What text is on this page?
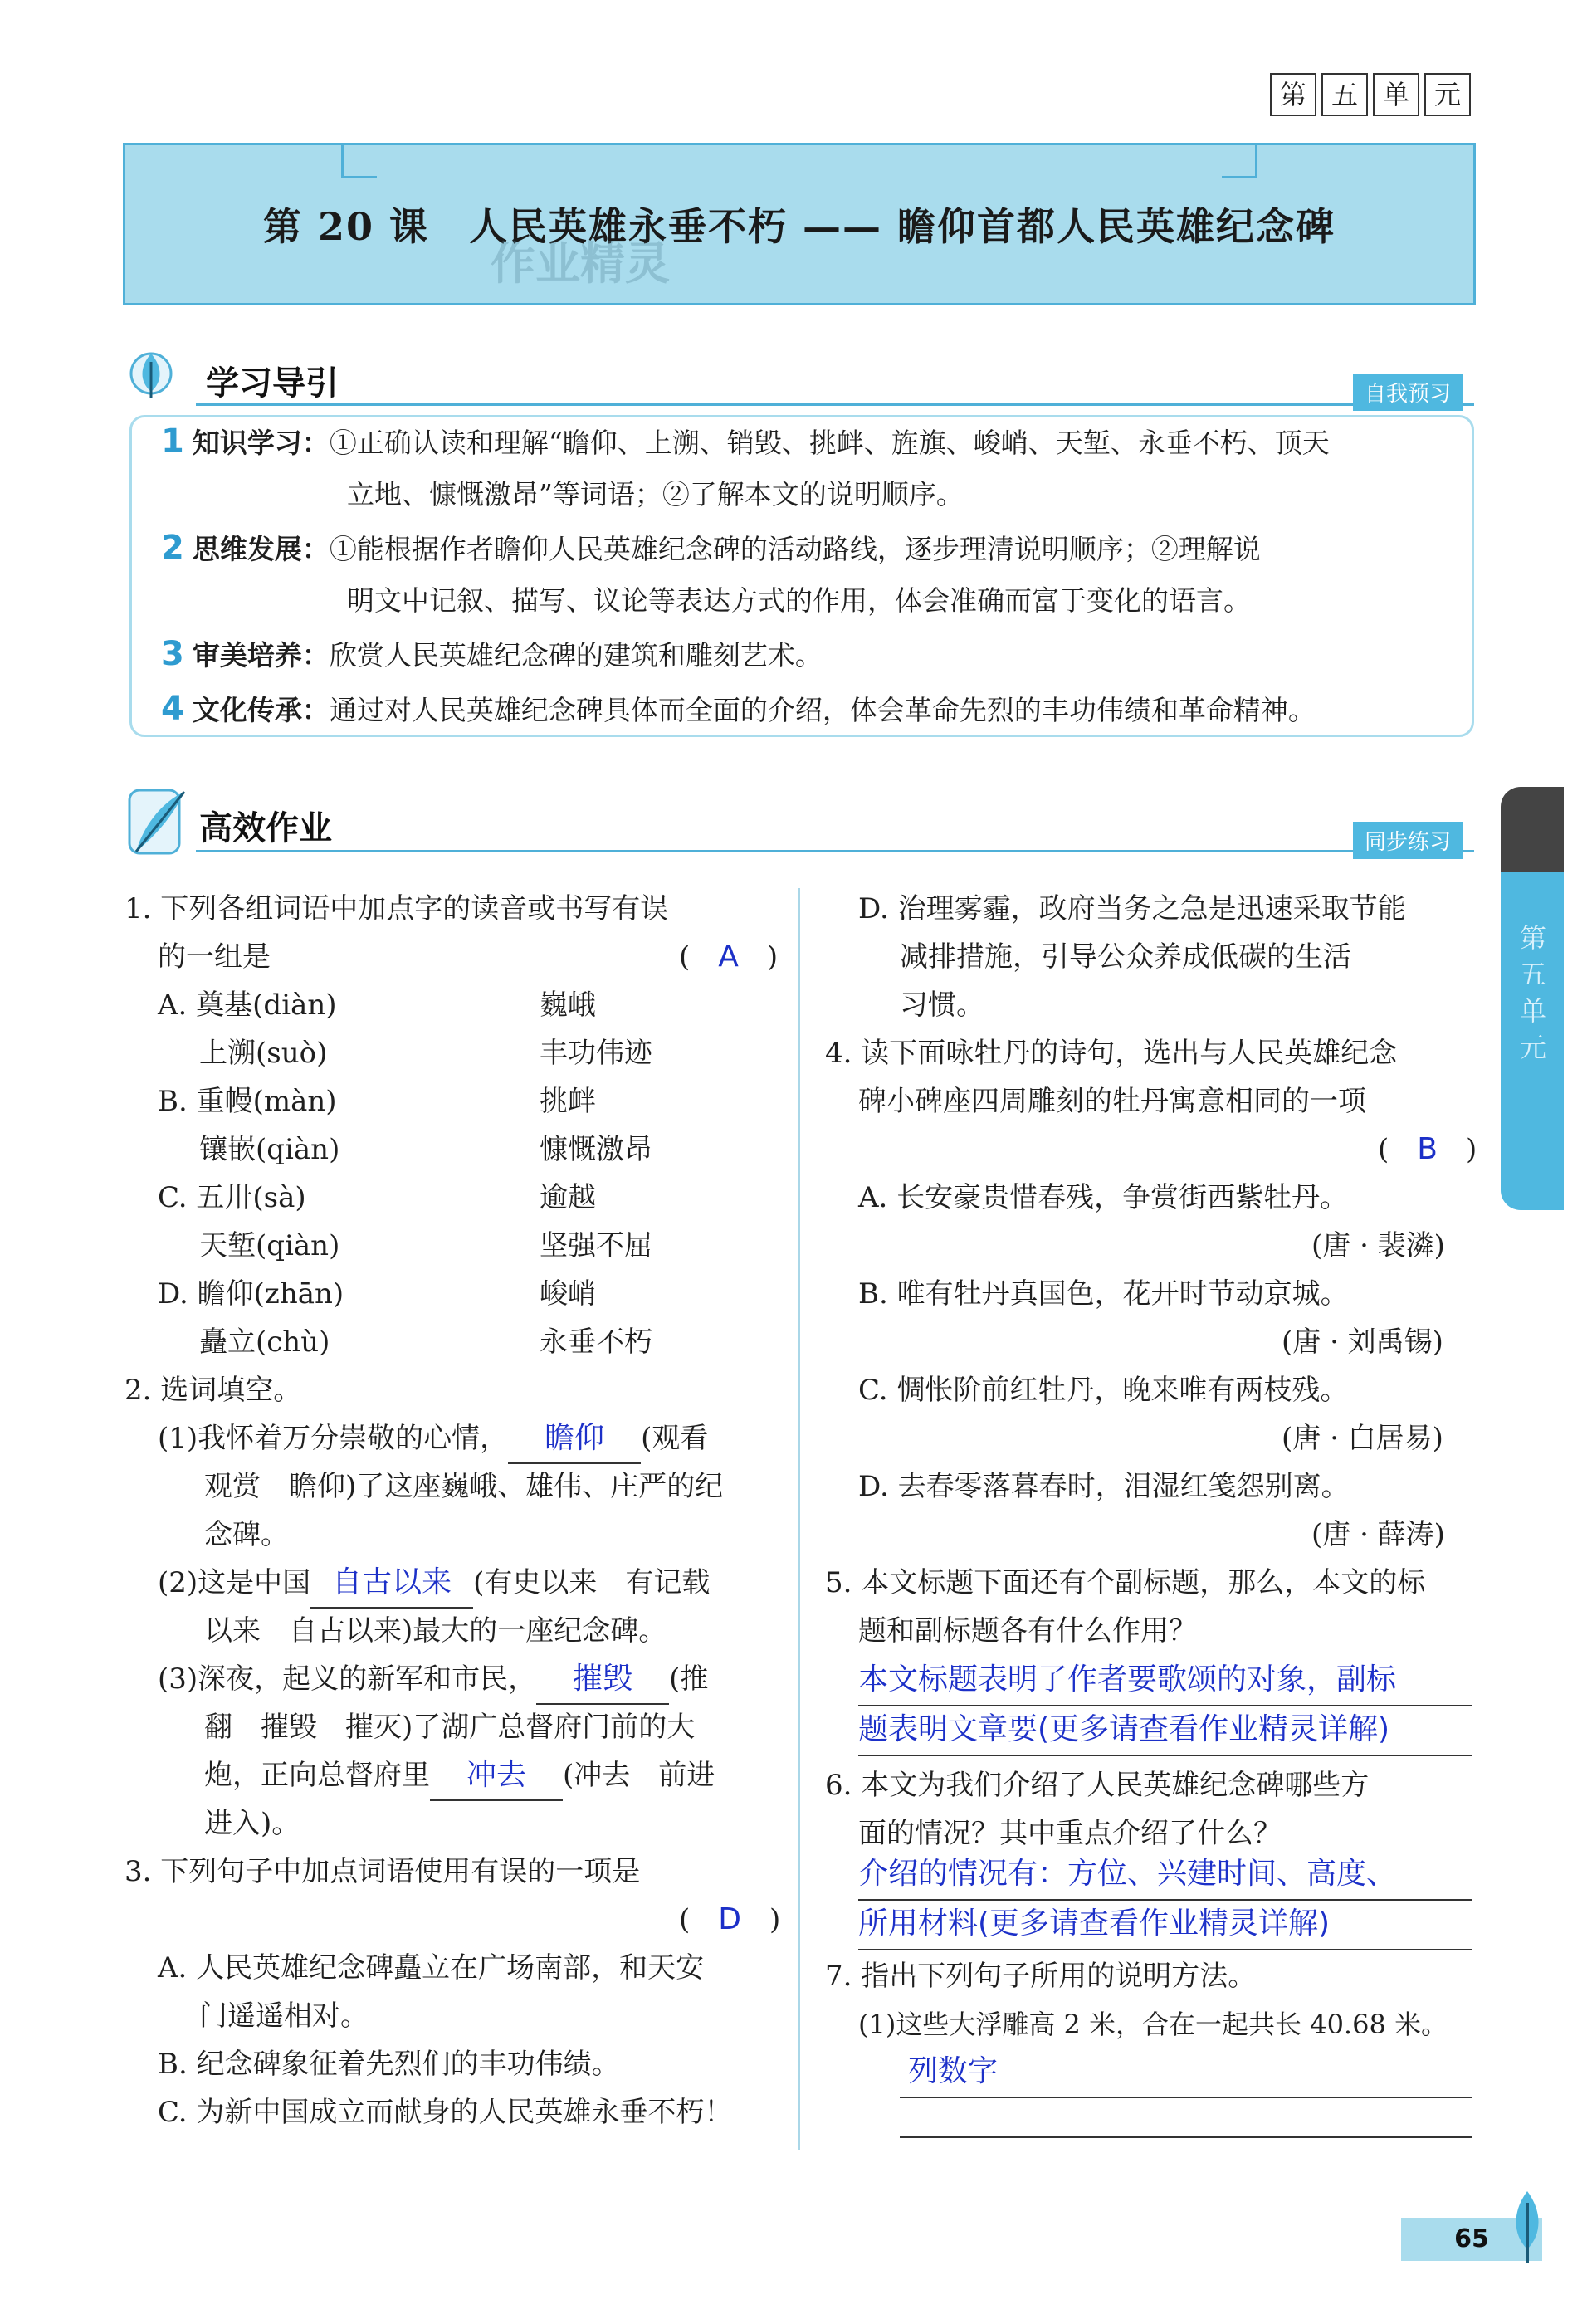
第 五 单 元
第 20 课　人民英雄永垂不朽 —— 瞻仰首都人民英雄纪念碑
作业精灵
学习导引	自我预习
1 知识学习：①正确认读和理解“瞻仰、上溯、销毁、挑衅、旌旗、峻峭、天堑、永垂不朽、顶天
立地、慷慨激昂”等词语；②了解本文的说明顺序。
2 思维发展：①能根据作者瞻仰人民英雄纪念碑的活动路线，逐步理清说明顺序；②理解说
明文中记叙、描写、议论等表达方式的作用，体会准确而富于变化的语言。
3 审美培养：欣赏人民英雄纪念碑的建筑和雕刻艺术。
4 文化传承：通过对人民英雄纪念碑具体而全面的介绍，体会革命先烈的丰功伟绩和革命精神。
高效作业	同步练习
1. 下列各组词语中加点字的读音或书写有误
的一组是	(　A　)
A. 奠基(diàn)	巍峨
上溯(suò)	丰功伟迹
B. 重幔(màn)	挑衅
镶嵌(qiàn)	慷慨激昂
C. 五卅(sà)	逾越
天堑(qiàn)	坚强不屈
D. 瞻仰(zhān)	峻峭
矗立(chù)	永垂不朽
2. 选词填空。
(1)我怀着万分崇敬的心情， 瞻仰 (观看
观赏　瞻仰)了这座巍峨、雄伟、庄严的纪
念碑。
(2)这是中国 自古以来 (有史以来　有记载
以来　自古以来)最大的一座纪念碑。
(3)深夜，起义的新军和市民， 摧毁 (推
翻　摧毁　摧灭)了湖广总督府门前的大
炮，正向总督府里 冲去 (冲去　前进
进入)。
3. 下列句子中加点词语使用有误的一项是
(　D　)
A. 人民英雄纪念碑矗立在广场南部，和天安
门遥遥相对。
B. 纪念碑象征着先烈们的丰功伟绩。
C. 为新中国成立而献身的人民英雄永垂不朽！
D. 治理雾霾，政府当务之急是迅速采取节能
减排措施，引导公众养成低碳的生活
习惯。
4. 读下面咏牡丹的诗句，选出与人民英雄纪念
碑小碑座四周雕刻的牡丹寓意相同的一项
(　B　)
A. 长安豪贵惜春残，争赏街西紫牡丹。
(唐 · 裴潾)
B. 唯有牡丹真国色，花开时节动京城。
(唐 · 刘禹锡)
C. 惆怅阶前红牡丹，晚来唯有两枝残。
(唐 · 白居易)
D. 去春零落暮春时，泪湿红笺怨别离。
(唐 · 薛涛)
5. 本文标题下面还有个副标题，那么，本文的标
题和副标题各有什么作用？
本文标题表明了作者要歌颂的对象，副标
题表明文章要(更多请查看作业精灵详解)
6. 本文为我们介绍了人民英雄纪念碑哪些方
面的情况？其中重点介绍了什么？
介绍的情况有：方位、兴建时间、高度、
所用材料(更多请查看作业精灵详解)
7. 指出下列句子所用的说明方法。
(1)这些大浮雕高 2 米，合在一起共长 40.68 米。
列数字
第五单元
65
